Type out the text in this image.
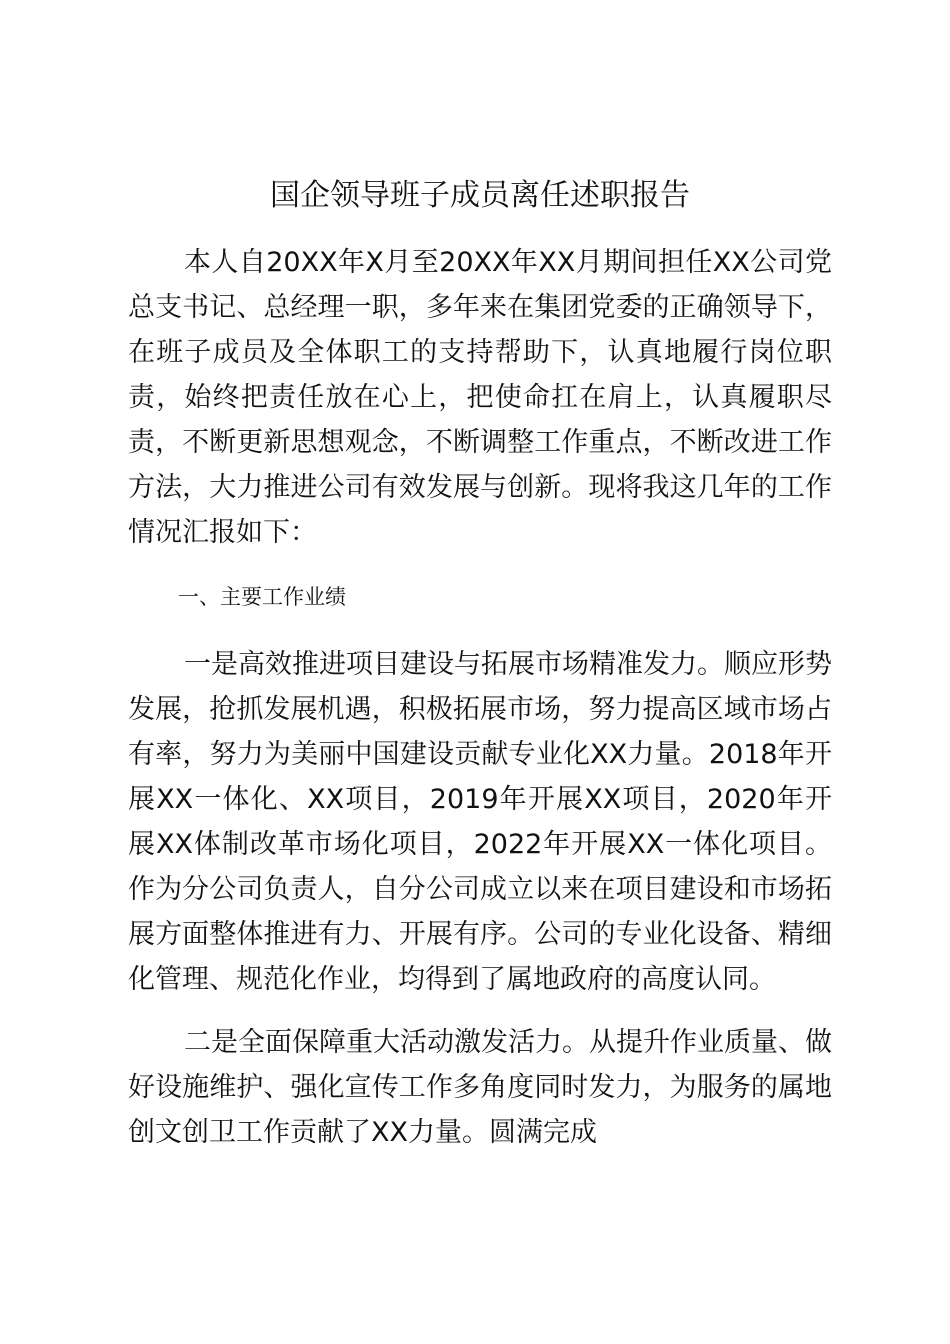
国企领导班子成员离任述职报告

本人自20XX年X月至20XX年XX月期间担任XX公司党总支书记、总经理一职，多年来在集团党委的正确领导下，在班子成员及全体职工的支持帮助下，认真地履行岗位职责，始终把责任放在心上，把使命扛在肩上，认真履职尽责，不断更新思想观念，不断调整工作重点，不断改进工作方法，大力推进公司有效发展与创新。现将我这几年的工作情况汇报如下：

一、主要工作业绩

一是高效推进项目建设与拓展市场精准发力。顺应形势发展，抢抓发展机遇，积极拓展市场，努力提高区域市场占有率，努力为美丽中国建设贡献专业化XX力量。2018年开展XX一体化、XX项目，2019年开展XX项目，2020年开展XX体制改革市场化项目，2022年开展XX一体化项目。作为分公司负责人，自分公司成立以来在项目建设和市场拓展方面整体推进有力、开展有序。公司的专业化设备、精细化管理、规范化作业，均得到了属地政府的高度认同。

二是全面保障重大活动激发活力。从提升作业质量、做好设施维护、强化宣传工作多角度同时发力，为服务的属地创文创卫工作贡献了XX力量。圆满完成
